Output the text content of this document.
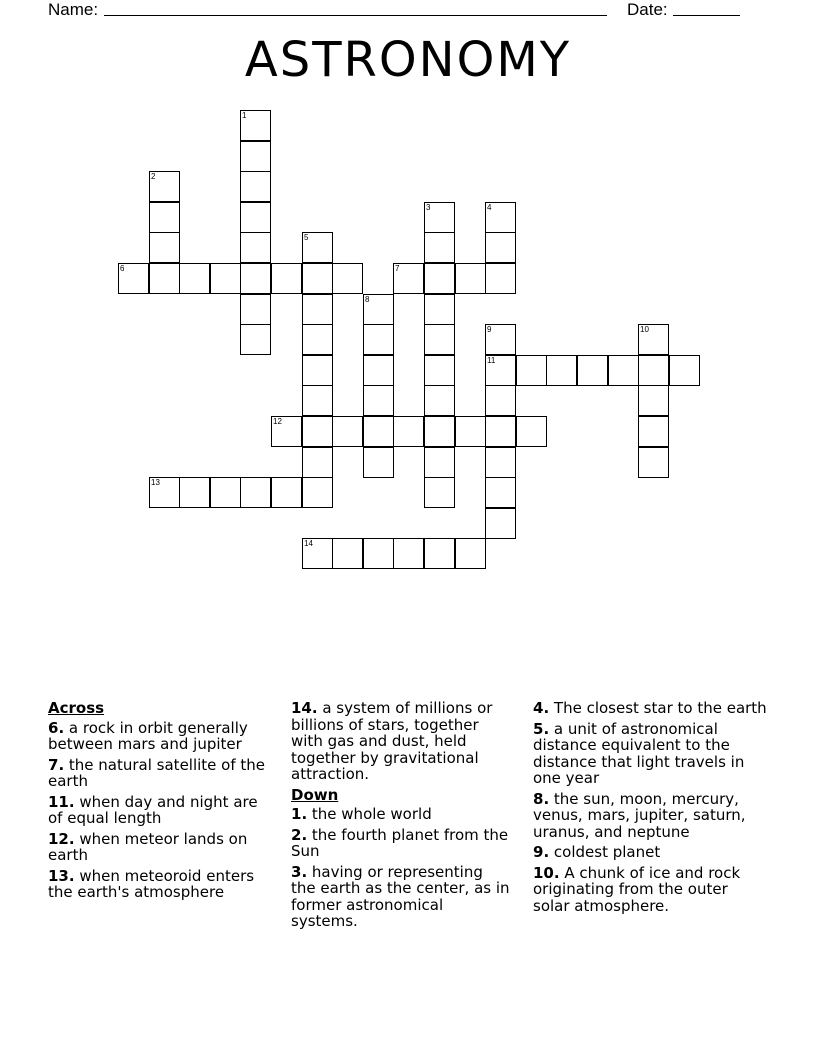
Name:	Date:
ASTRONOMY
1
2
3	4
5
6	7
8
9	10
11
12
13
14
Across
6. a rock in orbit generally between mars and jupiter
7. the natural satellite of the earth
11. when day and night are of equal length
12. when meteor lands on earth
13. when meteoroid enters the earth's atmosphere
14. a system of millions or billions of stars, together with gas and dust, held together by gravitational attraction.
Down
1. the whole world
2. the fourth planet from the Sun
3. having or representing the earth as the center, as in former astronomical systems.
4. The closest star to the earth
5. a unit of astronomical distance equivalent to the distance that light travels in one year
8. the sun, moon, mercury, venus, mars, jupiter, saturn, uranus, and neptune
9. coldest planet
10. A chunk of ice and rock originating from the outer solar atmosphere.
